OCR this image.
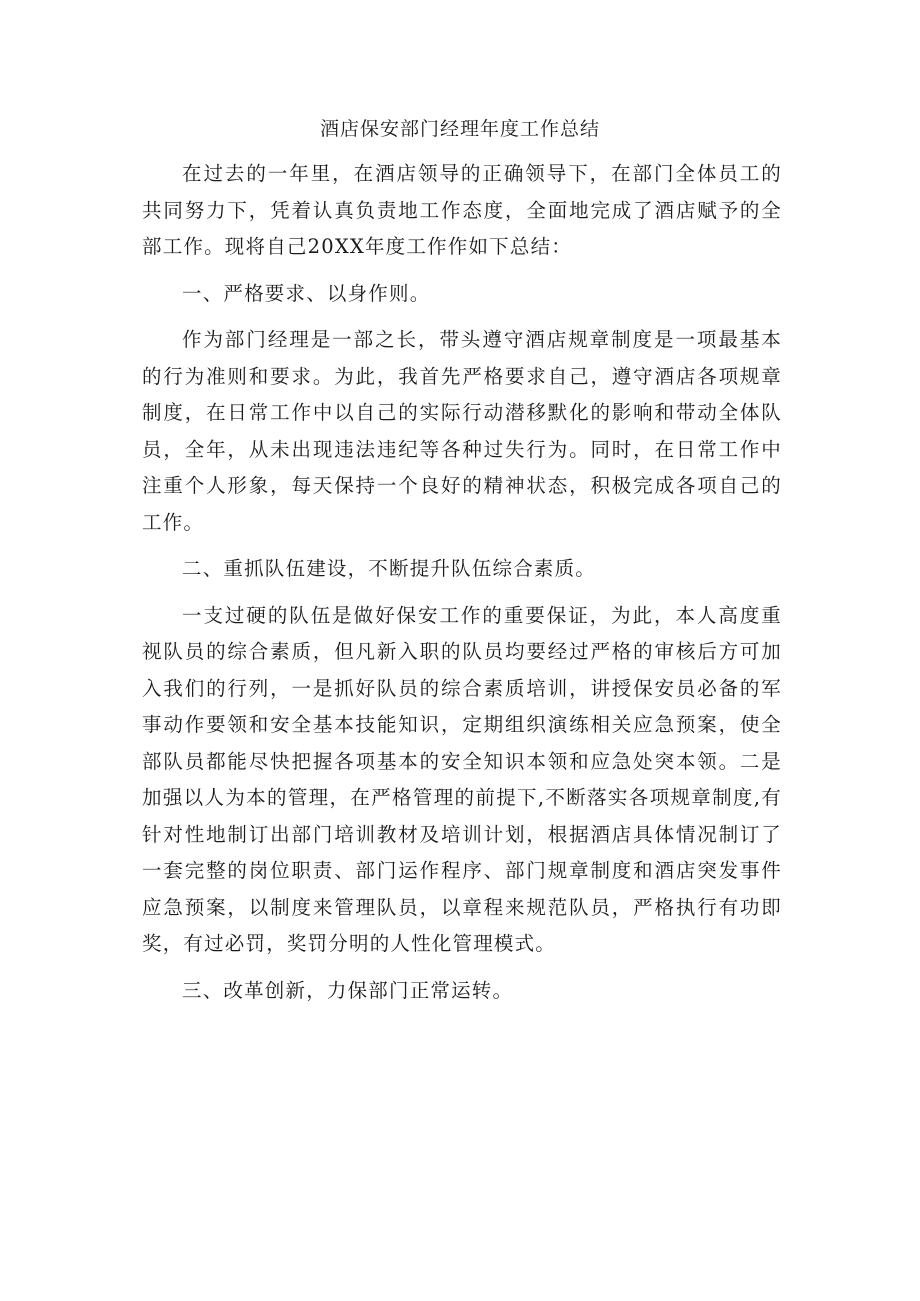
酒店保安部门经理年度工作总结

在过去的一年里，在酒店领导的正确领导下，在部门全体员工的共同努力下，凭着认真负责地工作态度，全面地完成了酒店赋予的全部工作。现将自己20XX年度工作作如下总结：

一、严格要求、以身作则。

作为部门经理是一部之长，带头遵守酒店规章制度是一项最基本的行为准则和要求。为此，我首先严格要求自己，遵守酒店各项规章制度，在日常工作中以自己的实际行动潜移默化的影响和带动全体队员，全年，从未出现违法违纪等各种过失行为。同时，在日常工作中注重个人形象，每天保持一个良好的精神状态，积极完成各项自己的工作。

二、重抓队伍建设，不断提升队伍综合素质。

一支过硬的队伍是做好保安工作的重要保证，为此，本人高度重视队员的综合素质，但凡新入职的队员均要经过严格的审核后方可加入我们的行列，一是抓好队员的综合素质培训，讲授保安员必备的军事动作要领和安全基本技能知识，定期组织演练相关应急预案，使全部队员都能尽快把握各项基本的安全知识本领和应急处突本领。二是加强以人为本的管理，在严格管理的前提下,不断落实各项规章制度,有针对性地制订出部门培训教材及培训计划，根据酒店具体情况制订了一套完整的岗位职责、部门运作程序、部门规章制度和酒店突发事件应急预案，以制度来管理队员，以章程来规范队员，严格执行有功即奖，有过必罚，奖罚分明的人性化管理模式。

三、改革创新，力保部门正常运转。
